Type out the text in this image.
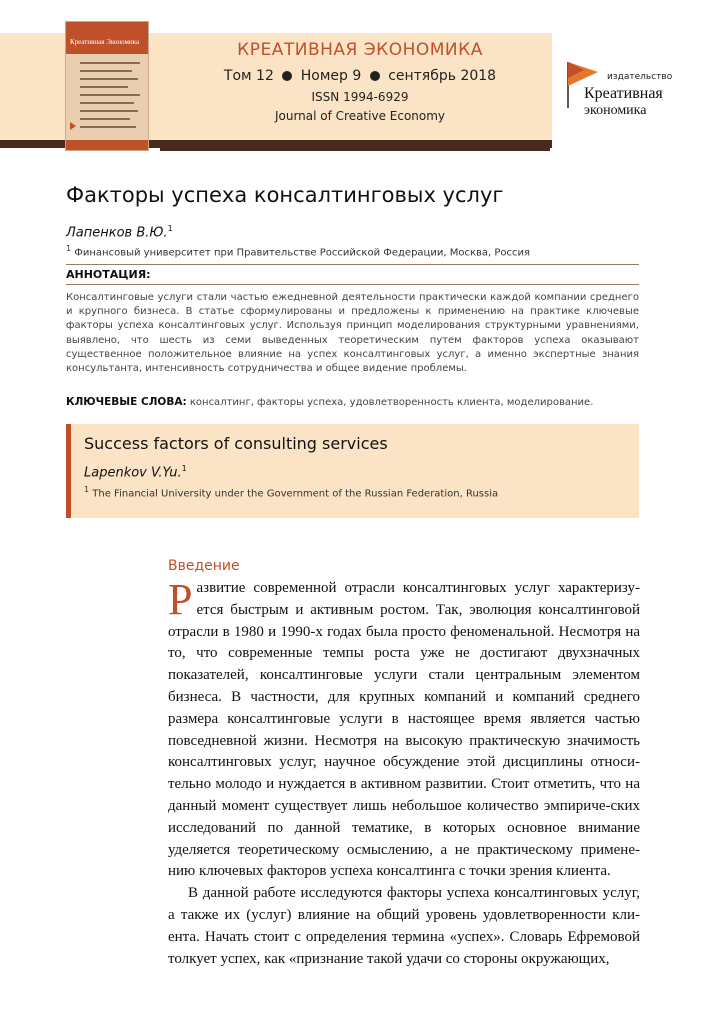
Креативная Экономика	КРЕАТИВНАЯ ЭКОНОМИКА
Том 12 Номер 9 сентябрь 2018
ISSN 1994-6929
Journal of Creative Economy
издательство
Креативная
экономика
Факторы успеха консалтинговых услуг
Лапенков В.Ю.$^1$
$^1$ Финансовый университет при Правительстве Российской Федерации, Москва, Россия
АННОТАЦИЯ:
Консалтинговые услуги стали частью ежедневной деятельности практически каждой компании среднего и крупного бизнеса. В статье сформулированы и предложены к применению на практике ключевые факторы успеха консалтинговых услуг. Используя принцип моделирования структурными уравнениями, выявлено, что шесть из семи выведенных теоретическим путем факторов успеха оказывают существенное положительное влияние на успех консалтинговых услуг, а именно экспертные знания консультанта, интенсивность сотрудничества и общее видение проблемы.
КЛЮЧЕВЫЕ СЛОВА: консалтинг, факторы успеха, удовлетворенность клиента, моделирование.
Success factors of consulting services
Lapenkov V.Yu.$^1$
$^1$ The Financial University under the Government of the Russian Federation, Russia
Введение

Развитие современной отрасли консалтинговых услуг характеризу-ется быстрым и активным ростом. Так, эволюция консалтинговой отрасли в 1980 и 1990-х годах была просто феноменальной. Несмотря на то, что современные темпы роста уже не достигают двухзначных показателей, консалтинговые услуги стали центральным элементом бизнеса. В частности, для крупных компаний и компаний среднего размера консалтинговые услуги в настоящее время является частью повседневной жизни. Несмотря на высокую практическую значимость консалтинговых услуг, научное обсуждение этой дисциплины относи-тельно молодо и нуждается в активном развитии. Стоит отметить, что на данный момент существует лишь небольшое количество эмпириче-ских исследований по данной тематике, в которых основное внимание уделяется теоретическому осмыслению, а не практическому примене-нию ключевых факторов успеха консалтинга с точки зрения клиента.

В данной работе исследуются факторы успеха консалтинговых услуг, а также их (услуг) влияние на общий уровень удовлетворенности кли-ента. Начать стоит с определения термина «успех». Словарь Ефремовой толкует успех, как «признание такой удачи со стороны окружающих,
